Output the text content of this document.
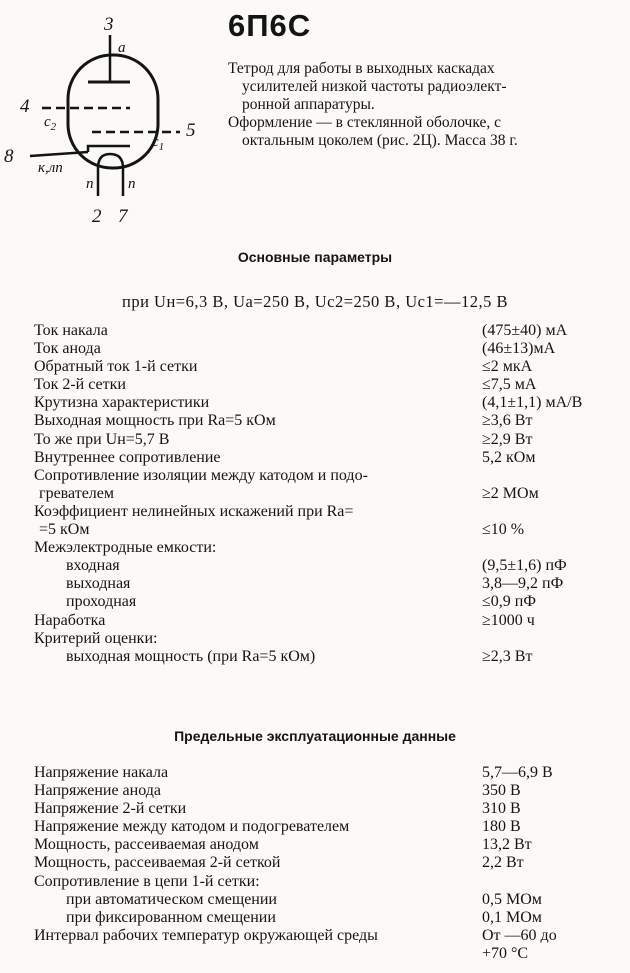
3
4
5
8
2 7
a
$c_2$
$c_1$
к,лп
п п
6П6С

Тетрод для работы в выходных каскадах

усилителей низкой частоты радиоэлект-

ронной аппаратуры.

Оформление — в стеклянной оболочке, с

октальным цоколем (рис. 2Ц). Масса 38 г.

Основные параметры
при Uн=6,3 В, Uа=250 В, Uс2=250 В, Uс1=—12,5 В
Ток накала	(475±40) мА
Ток анода	(46±13)мА
Обратный ток 1-й сетки	≤2 мкА
Ток 2-й сетки	≤7,5 мА
Крутизна характеристики	(4,1±1,1) мА/В
Выходная мощность при Rа=5 кОм	≥3,6 Вт
То же при Uн=5,7 В	≥2,9 Вт
Внутреннее сопротивление	5,2 кОм
Сопротивление изоляции между катодом и подо-
гревателем	≥2 МОм
Коэффициент нелинейных искажений при Rа=
=5 кОм	≤10 %
Межэлектродные емкости:
входная	(9,5±1,6) пФ
выходная	3,8—9,2 пФ
проходная	≤0,9 пФ
Наработка	≥1000 ч
Критерий оценки:
выходная мощность (при Rа=5 кОм)	≥2,3 Вт
Предельные эксплуатационные данные
Напряжение накала	5,7—6,9 В
Напряжение анода	350 В
Напряжение 2-й сетки	310 В
Напряжение между катодом и подогревателем	180 В
Мощность, рассеиваемая анодом	13,2 Вт
Мощность, рассеиваемая 2-й сеткой	2,2 Вт
Сопротивление в цепи 1-й сетки:
при автоматическом смещении	0,5 МОм
при фиксированном смещении	0,1 МОм
Интервал рабочих температур окружающей среды	От —60 до
+70 °С
